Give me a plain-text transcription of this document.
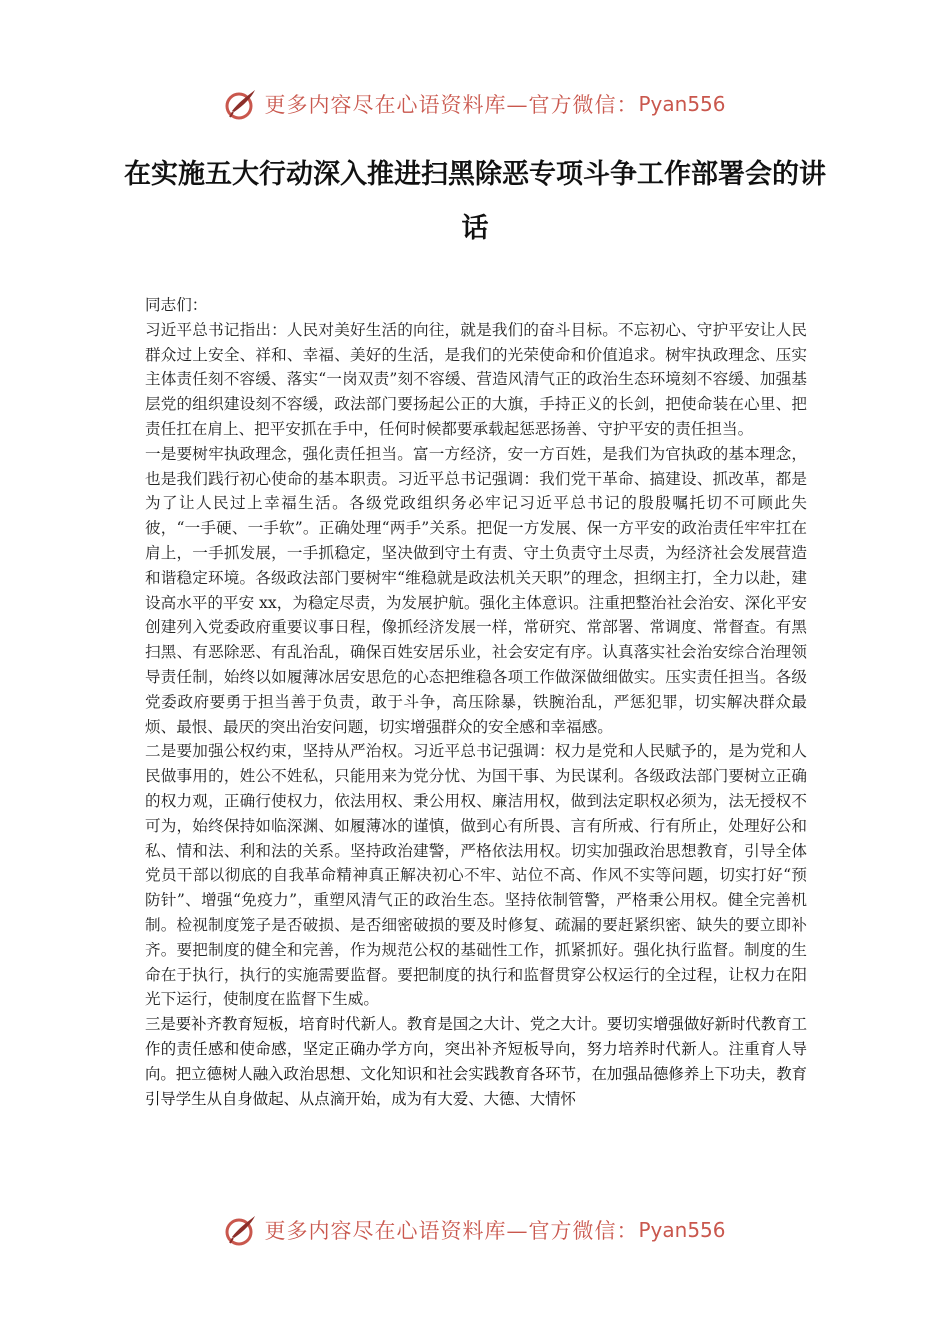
更多内容尽在心语资料库—官方微信： Pyan556
在实施五大行动深入推进扫黑除恶专项斗争工作部署会的讲话

同志们：

习近平总书记指出：人民对美好生活的向往，就是我们的奋斗目标。不忘初心、守护平安让人民群众过上安全、祥和、幸福、美好的生活，是我们的光荣使命和价值追求。树牢执政理念、压实主体责任刻不容缓、落实“一岗双责”刻不容缓、营造风清气正的政治生态环境刻不容缓、加强基层党的组织建设刻不容缓，政法部门要扬起公正的大旗，手持正义的长剑，把使命装在心里、把责任扛在肩上、把平安抓在手中，任何时候都要承载起惩恶扬善、守护平安的责任担当。

一是要树牢执政理念，强化责任担当。富一方经济，安一方百姓，是我们为官执政的基本理念，也是我们践行初心使命的基本职责。习近平总书记强调：我们党干革命、搞建设、抓改革，都是为了让人民过上幸福生活。各级党政组织务必牢记习近平总书记的殷殷嘱托切不可顾此失彼，“一手硬、一手软”。正确处理“两手”关系。把促一方发展、保一方平安的政治责任牢牢扛在肩上，一手抓发展，一手抓稳定，坚决做到守土有责、守土负责守土尽责，为经济社会发展营造和谐稳定环境。各级政法部门要树牢“维稳就是政法机关天职”的理念，担纲主打，全力以赴，建设高水平的平安 xx，为稳定尽责，为发展护航。强化主体意识。注重把整治社会治安、深化平安创建列入党委政府重要议事日程，像抓经济发展一样，常研究、常部署、常调度、常督查。有黑扫黑、有恶除恶、有乱治乱，确保百姓安居乐业，社会安定有序。认真落实社会治安综合治理领导责任制，始终以如履薄冰居安思危的心态把维稳各项工作做深做细做实。压实责任担当。各级党委政府要勇于担当善于负责，敢于斗争，高压除暴，铁腕治乱，严惩犯罪，切实解决群众最烦、最恨、最厌的突出治安问题，切实增强群众的安全感和幸福感。

二是要加强公权约束，坚持从严治权。习近平总书记强调：权力是党和人民赋予的，是为党和人民做事用的，姓公不姓私，只能用来为党分忧、为国干事、为民谋利。各级政法部门要树立正确的权力观，正确行使权力，依法用权、秉公用权、廉洁用权，做到法定职权必须为，法无授权不可为，始终保持如临深渊、如履薄冰的谨慎，做到心有所畏、言有所戒、行有所止，处理好公和私、情和法、利和法的关系。坚持政治建警，严格依法用权。切实加强政治思想教育，引导全体党员干部以彻底的自我革命精神真正解决初心不牢、站位不高、作风不实等问题，切实打好“预防针”、增强“免疫力”，重塑风清气正的政治生态。坚持依制管警，严格秉公用权。健全完善机制。检视制度笼子是否破损、是否细密破损的要及时修复、疏漏的要赶紧织密、缺失的要立即补齐。要把制度的健全和完善，作为规范公权的基础性工作，抓紧抓好。强化执行监督。制度的生命在于执行，执行的实施需要监督。要把制度的执行和监督贯穿公权运行的全过程，让权力在阳光下运行，使制度在监督下生威。

三是要补齐教育短板，培育时代新人。教育是国之大计、党之大计。要切实增强做好新时代教育工作的责任感和使命感，坚定正确办学方向，突出补齐短板导向，努力培养时代新人。注重育人导向。把立德树人融入政治思想、文化知识和社会实践教育各环节，在加强品德修养上下功夫，教育引导学生从自身做起、从点滴开始，成为有大爱、大德、大情怀

更多内容尽在心语资料库—官方微信： Pyan556
